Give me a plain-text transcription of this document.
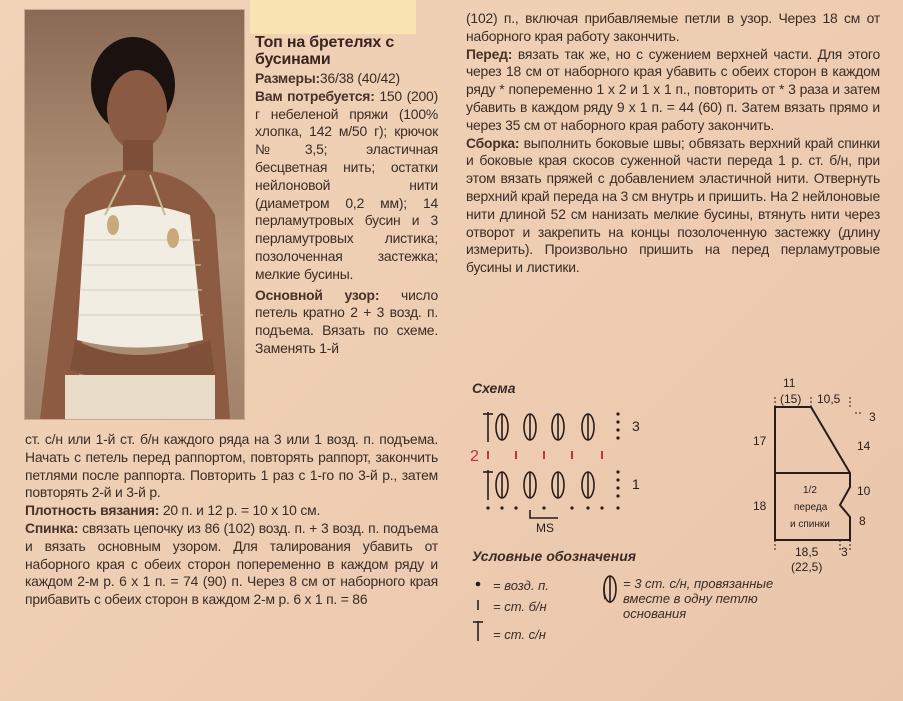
Топ на бретелях с бусинами

Размеры:36/38 (40/42)

Вам потребуется: 150 (200) г небеленой пряжи (100% хлопка, 142 м/50 г); крючок №3,5; эластичная бесцветная нить; остатки нейлоновой нити (диаметром 0,2 мм); 14 перламутровых бусин и 3 перламутровых листика; позолоченная застежка; мелкие бусины.

Основной узор: число петель кратно 2 + 3 возд. п. подъема. Вязать по схеме. Заменять 1-й

ст. с/н или 1-й ст. б/н каждого ряда на 3 или 1 возд. п. подъема. Начать с петель перед раппортом, повторять раппорт, закончить петлями после раппорта. Повторить 1 раз с 1-го по 3-й р., затем повторять 2-й и 3-й р.

Плотность вязания: 20 п. и 12 р. = 10 х 10 см.

Спинка: связать цепочку из 86 (102) возд. п. + 3 возд. п. подъема и вязать основным узором. Для талирования убавить от наборного края с обеих сторон попеременно в каждом ряду и каждом 2-м р. 6 х 1 п. = 74 (90) п. Через 8 см от наборного края прибавить с обеих сторон в каждом 2-м р. 6 х 1 п. = 86

(102) п., включая прибавляемые петли в узор. Через 18 см от наборного края работу закончить.

Перед: вязать так же, но с сужением верхней части. Для этого через 18 см от наборного края убавить с обеих сторон в каждом ряду * попеременно 1 х 2 и 1 х 1 п., повторить от * 3 раза и затем убавить в каждом ряду 9 х 1 п. = 44 (60) п. Затем вязать прямо и через 35 см от наборного края работу закончить.

Сборка: выполнить боковые швы; обвязать верхний край спинки и боковые края скосов суженной части переда 1 р. ст. б/н, при этом вязать пряжей с добавлением эластичной нити. Отвернуть верхний край переда на 3 см внутрь и пришить. На 2 нейлоновые нити длиной 52 см нанизать мелкие бусины, втянуть нити через отворот и закрепить на концы позолоченную застежку (длину измерить). Произвольно пришить на перед перламутровые бусины и листики.

Схема
3
2
1
MS
Условные обозначения
= возд. п.
= ст. б/н
= ст. с/н
= 3 ст. с/н, провязанные вместе в одну петлю основания
11
(15) 10,5
3
17	14
18
10
8
1/2
переда
и спинки
18,5
(22,5)
3
